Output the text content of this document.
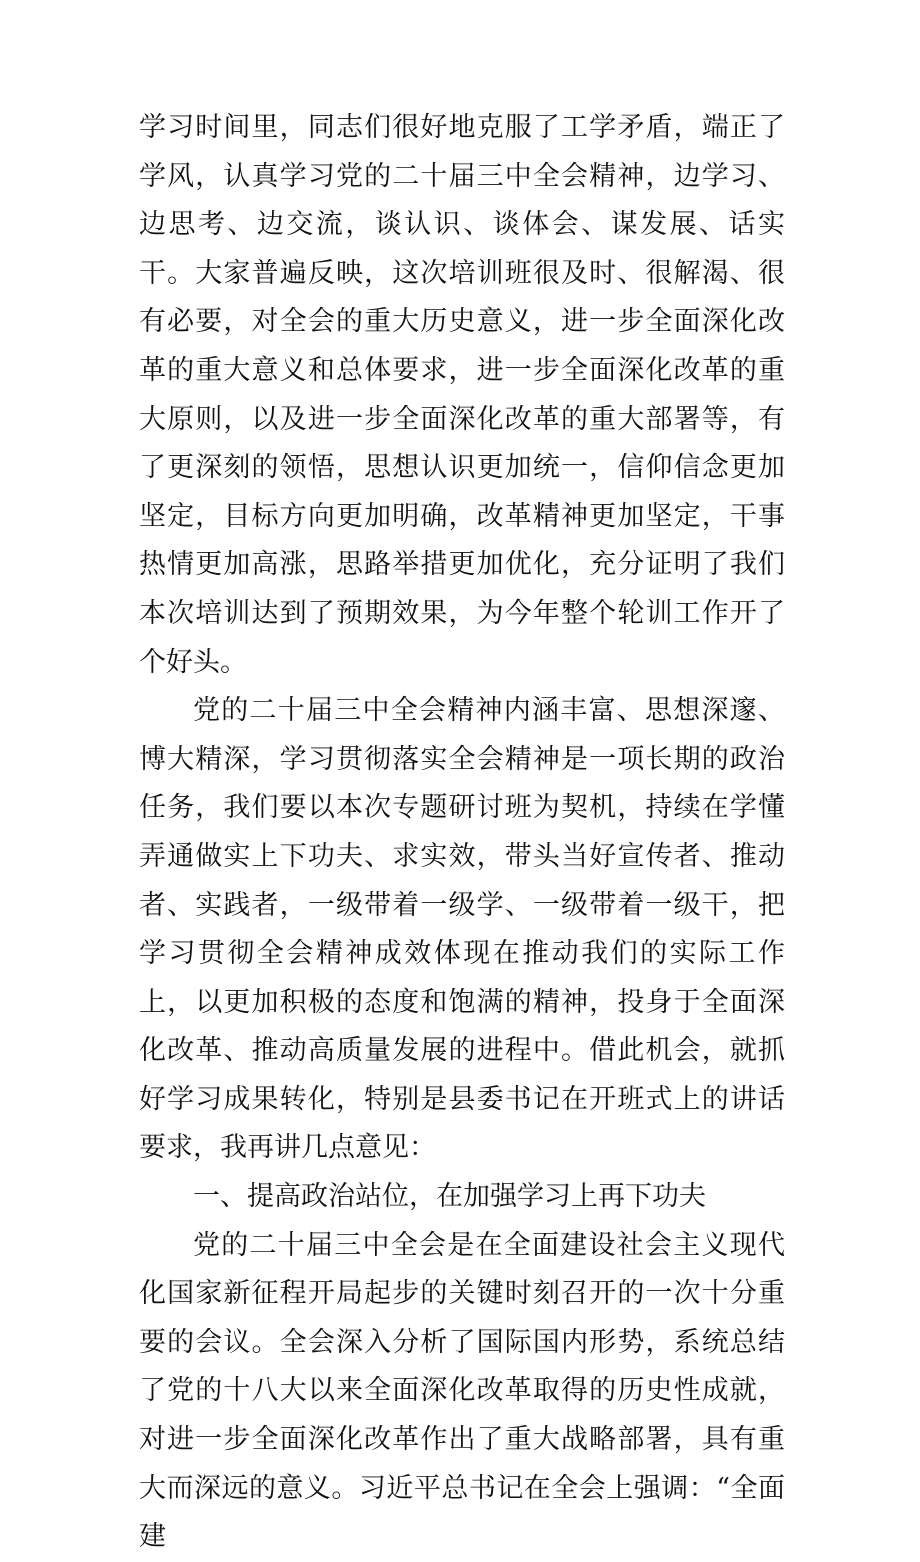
学习时间里，同志们很好地克服了工学矛盾，端正了学风，认真学习党的二十届三中全会精神，边学习、边思考、边交流，谈认识、谈体会、谋发展、话实干。大家普遍反映，这次培训班很及时、很解渴、很有必要，对全会的重大历史意义，进一步全面深化改革的重大意义和总体要求，进一步全面深化改革的重大原则，以及进一步全面深化改革的重大部署等，有了更深刻的领悟，思想认识更加统一，信仰信念更加坚定，目标方向更加明确，改革精神更加坚定，干事热情更加高涨，思路举措更加优化，充分证明了我们本次培训达到了预期效果，为今年整个轮训工作开了个好头。

党的二十届三中全会精神内涵丰富、思想深邃、博大精深，学习贯彻落实全会精神是一项长期的政治任务，我们要以本次专题研讨班为契机，持续在学懂弄通做实上下功夫、求实效，带头当好宣传者、推动者、实践者，一级带着一级学、一级带着一级干，把学习贯彻全会精神成效体现在推动我们的实际工作上，以更加积极的态度和饱满的精神，投身于全面深化改革、推动高质量发展的进程中。借此机会，就抓好学习成果转化，特别是县委书记在开班式上的讲话要求，我再讲几点意见：

一、提高政治站位，在加强学习上再下功夫

党的二十届三中全会是在全面建设社会主义现代化国家新征程开局起步的关键时刻召开的一次十分重要的会议。全会深入分析了国际国内形势，系统总结了党的十八大以来全面深化改革取得的历史性成就，对进一步全面深化改革作出了重大战略部署，具有重大而深远的意义。习近平总书记在全会上强调：“全面建
